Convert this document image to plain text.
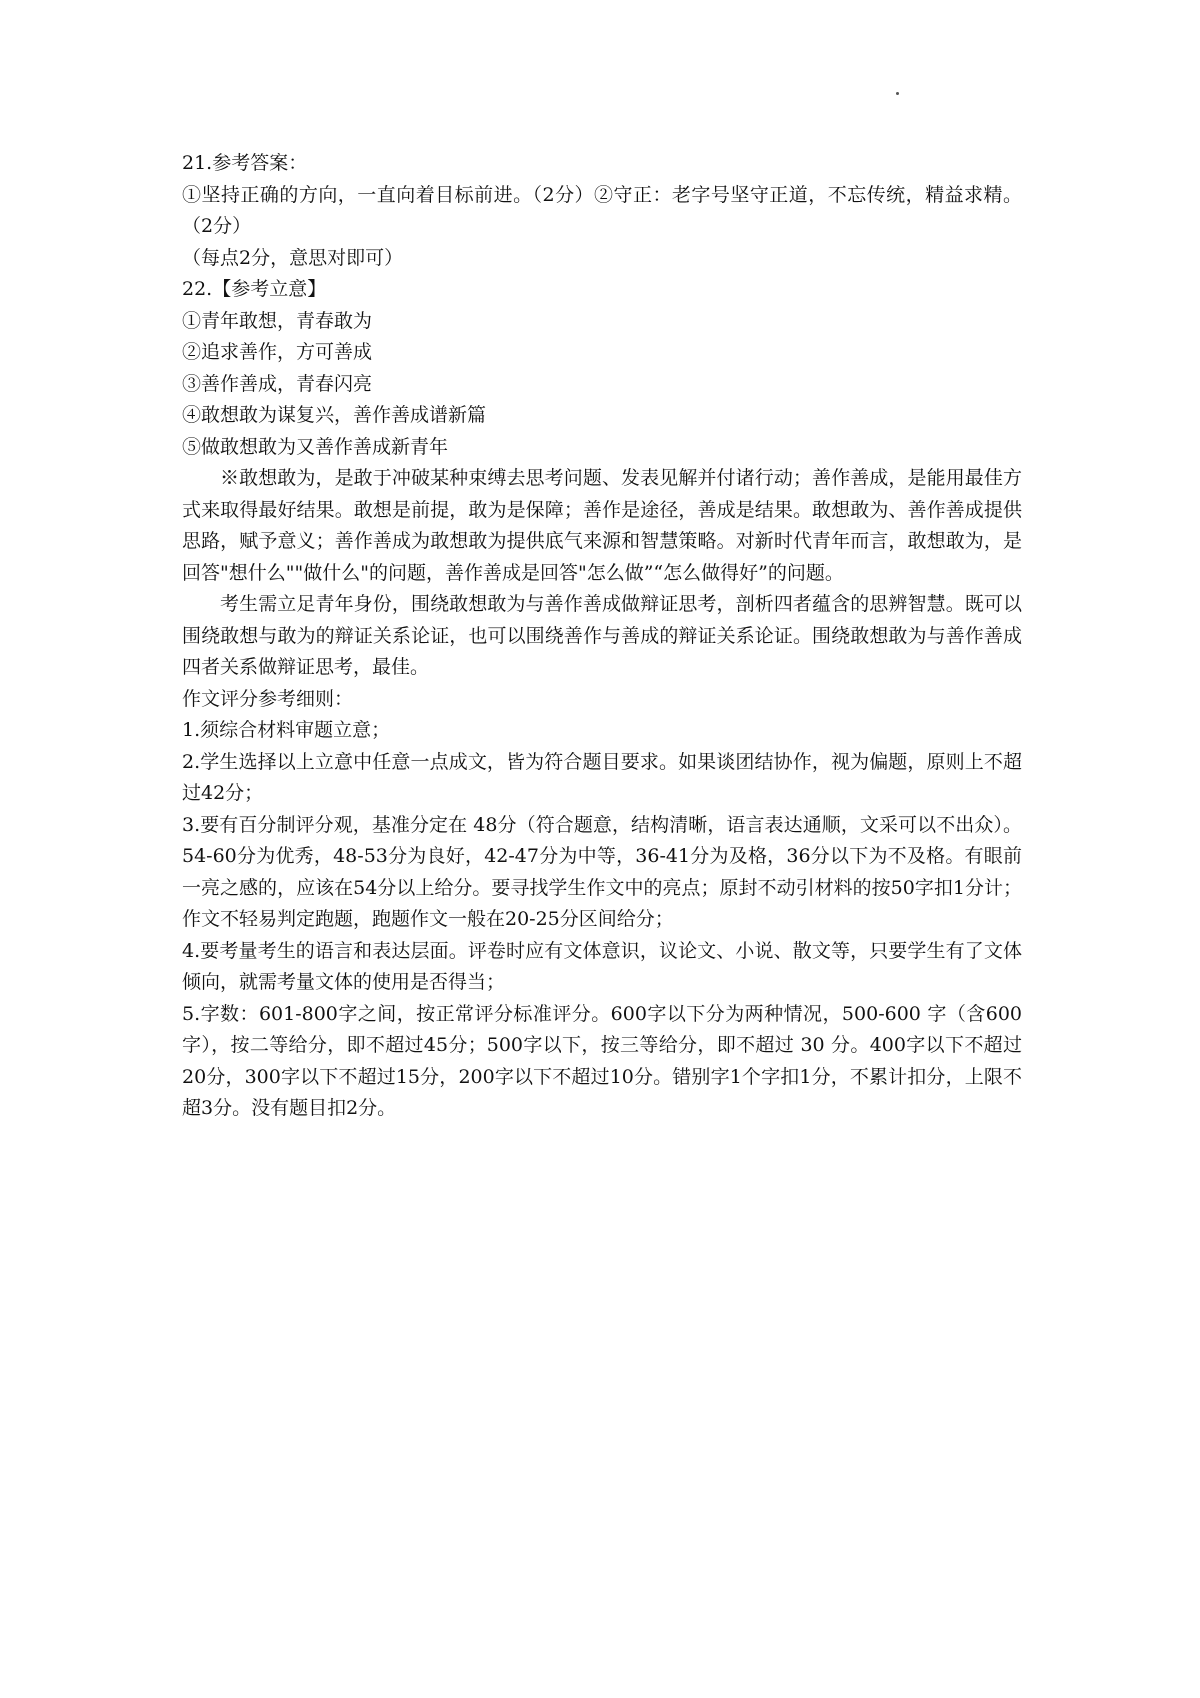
21.参考答案：

①坚持正确的方向，一直向着目标前进。（2分）②守正：老字号坚守正道，不忘传统，精益求精。（2分）

（每点2分，意思对即可）

22.【参考立意】

①青年敢想，青春敢为

②追求善作，方可善成

③善作善成，青春闪亮

④敢想敢为谋复兴，善作善成谱新篇

⑤做敢想敢为又善作善成新青年

※敢想敢为，是敢于冲破某种束缚去思考问题、发表见解并付诸行动；善作善成，是能用最佳方式来取得最好结果。敢想是前提，敢为是保障；善作是途径，善成是结果。敢想敢为、善作善成提供思路，赋予意义；善作善成为敢想敢为提供底气来源和智慧策略。对新时代青年而言，敢想敢为，是回答"想什么""做什么"的问题，善作善成是回答"怎么做”“怎么做得好”的问题。

考生需立足青年身份，围绕敢想敢为与善作善成做辩证思考，剖析四者蕴含的思辨智慧。既可以围绕敢想与敢为的辩证关系论证，也可以围绕善作与善成的辩证关系论证。围绕敢想敢为与善作善成四者关系做辩证思考，最佳。

作文评分参考细则：

1.须综合材料审题立意；

2.学生选择以上立意中任意一点成文，皆为符合题目要求。如果谈团结协作，视为偏题，原则上不超过42分；

3.要有百分制评分观，基准分定在 48分（符合题意，结构清晰，语言表达通顺，文采可以不出众）。54-60分为优秀，48-53分为良好，42-47分为中等，36-41分为及格，36分以下为不及格。有眼前一亮之感的，应该在54分以上给分。要寻找学生作文中的亮点；原封不动引材料的按50字扣1分计；作文不轻易判定跑题，跑题作文一般在20-25分区间给分；

4.要考量考生的语言和表达层面。评卷时应有文体意识，议论文、小说、散文等，只要学生有了文体倾向，就需考量文体的使用是否得当；

5.字数：601-800字之间，按正常评分标准评分。600字以下分为两种情况，500-600 字（含600字），按二等给分，即不超过45分；500字以下，按三等给分，即不超过 30 分。400字以下不超过20分，300字以下不超过15分，200字以下不超过10分。错别字1个字扣1分，不累计扣分，上限不超3分。没有题目扣2分。
